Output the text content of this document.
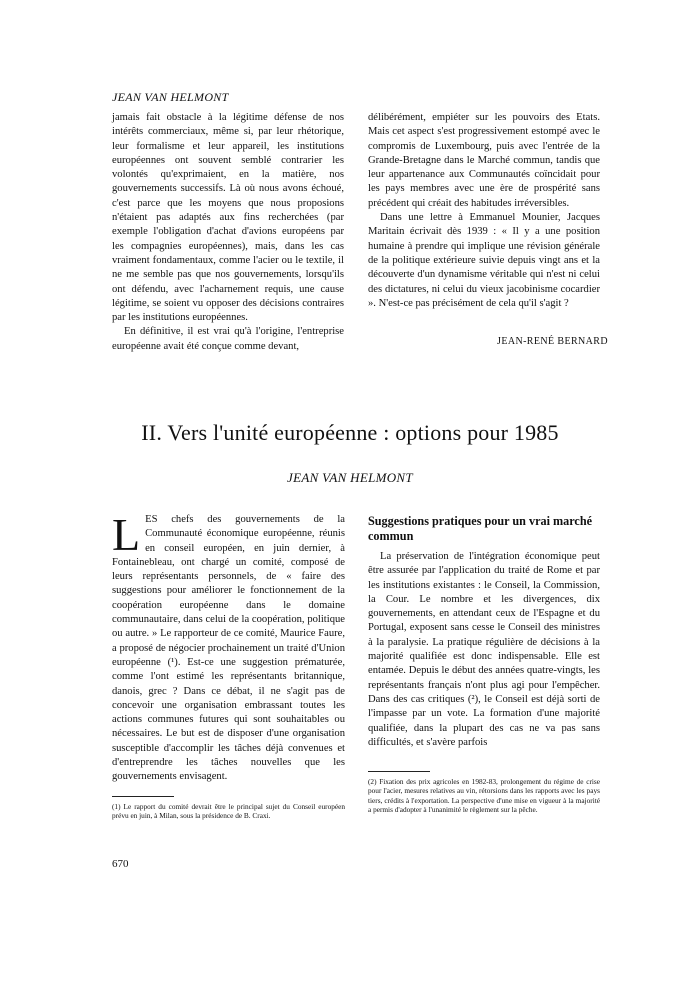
JEAN VAN HELMONT

jamais fait obstacle à la légitime défense de nos intérêts commerciaux, même si, par leur rhétorique, leur formalisme et leur appareil, les institutions européennes ont souvent semblé contrarier les volontés qu'exprimaient, en la matière, nos gouvernements successifs. Là où nous avons échoué, c'est parce que les moyens que nous proposions n'étaient pas adaptés aux fins recherchées (par exemple l'obligation d'achat d'avions européens par les compagnies européennes), mais, dans les cas vraiment fondamentaux, comme l'acier ou le textile, il ne me semble pas que nos gouvernements, lorsqu'ils ont défendu, avec l'acharnement requis, une cause légitime, se soient vu opposer des décisions contraires par les institutions européennes.

En définitive, il est vrai qu'à l'origine, l'entreprise européenne avait été conçue comme devant,

délibérément, empiéter sur les pouvoirs des Etats. Mais cet aspect s'est progressivement estompé avec le compromis de Luxembourg, puis avec l'entrée de la Grande-Bretagne dans le Marché commun, tandis que leur appartenance aux Communautés coïncidait pour les pays membres avec une ère de prospérité sans précédent qui créait des habitudes irréversibles.

Dans une lettre à Emmanuel Mounier, Jacques Maritain écrivait dès 1939 : « Il y a une position humaine à prendre qui implique une révision générale de la politique extérieure suivie depuis vingt ans et la découverte d'un dynamisme véritable qui n'est ni celui des dictatures, ni celui du vieux jacobinisme cocardier ». N'est-ce pas précisément de cela qu'il s'agit ?

JEAN-RENÉ BERNARD
II. Vers l'unité européenne : options pour 1985
JEAN VAN HELMONT
L ES chefs des gouvernements de la Communauté économique européenne, réunis en conseil européen, en juin dernier, à Fontainebleau, ont chargé un comité, composé de leurs représentants personnels, de « faire des suggestions pour améliorer le fonctionnement de la coopération européenne dans le domaine communautaire, dans celui de la coopération, politique ou autre. » Le rapporteur de ce comité, Maurice Faure, a proposé de négocier prochainement un traité d'Union européenne (¹). Est-ce une suggestion prématurée, comme l'ont estimé les représentants britannique, danois, grec ? Dans ce débat, il ne s'agit pas de concevoir une organisation embrassant toutes les actions communes futures qui sont souhaitables ou nécessaires. Le but est de disposer d'une organisation susceptible d'accomplir les tâches déjà convenues et d'entreprendre les tâches nouvelles que les gouvernements envisagent.
Suggestions pratiques pour un vrai marché commun

La préservation de l'intégration économique peut être assurée par l'application du traité de Rome et par les institutions existantes : le Conseil, la Commission, la Cour. Le nombre et les divergences, dix gouvernements, en attendant ceux de l'Espagne et du Portugal, exposent sans cesse le Conseil des ministres à la paralysie. La pratique régulière de décisions à la majorité qualifiée est donc indispensable. Elle est entamée. Depuis le début des années quatre-vingts, les représentants français n'ont plus agi pour l'empêcher. Dans des cas critiques (²), le Conseil est déjà sorti de l'impasse par un vote. La formation d'une majorité qualifiée, dans la plupart des cas ne va pas sans difficultés, et s'avère parfois

(1) Le rapport du comité devrait être le principal sujet du Conseil européen prévu en juin, à Milan, sous la présidence de B. Craxi.

(2) Fixation des prix agricoles en 1982-83, prolongement du régime de crise pour l'acier, mesures relatives au vin, rétorsions dans les rapports avec les pays tiers, crédits à l'exportation. La perspective d'une mise en vigueur à la majorité a permis d'adopter à l'unanimité le règlement sur la pêche.

670
